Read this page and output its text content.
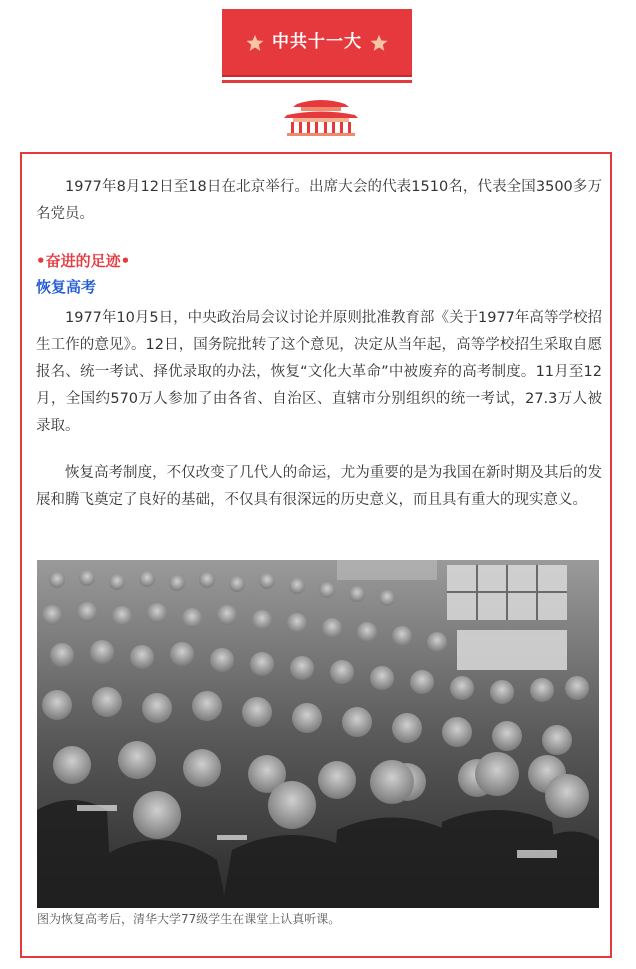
中共十一大

1977年8月12日至18日在北京举行。出席大会的代表1510名，代表全国3500多万名党员。

•奋进的足迹•
恢复高考

1977年10月5日，中央政治局会议讨论并原则批准教育部《关于1977年高等学校招生工作的意见》。12日，国务院批转了这个意见，决定从当年起，高等学校招生采取自愿报名、统一考试、择优录取的办法，恢复“文化大革命”中被废弃的高考制度。11月至12月，全国约570万人参加了由各省、自治区、直辖市分别组织的统一考试，27.3万人被录取。

恢复高考制度，不仅改变了几代人的命运，尤为重要的是为我国在新时期及其后的发展和腾飞奠定了良好的基础，不仅具有很深远的历史意义，而且具有重大的现实意义。

图为恢复高考后，清华大学77级学生在课堂上认真听课。
